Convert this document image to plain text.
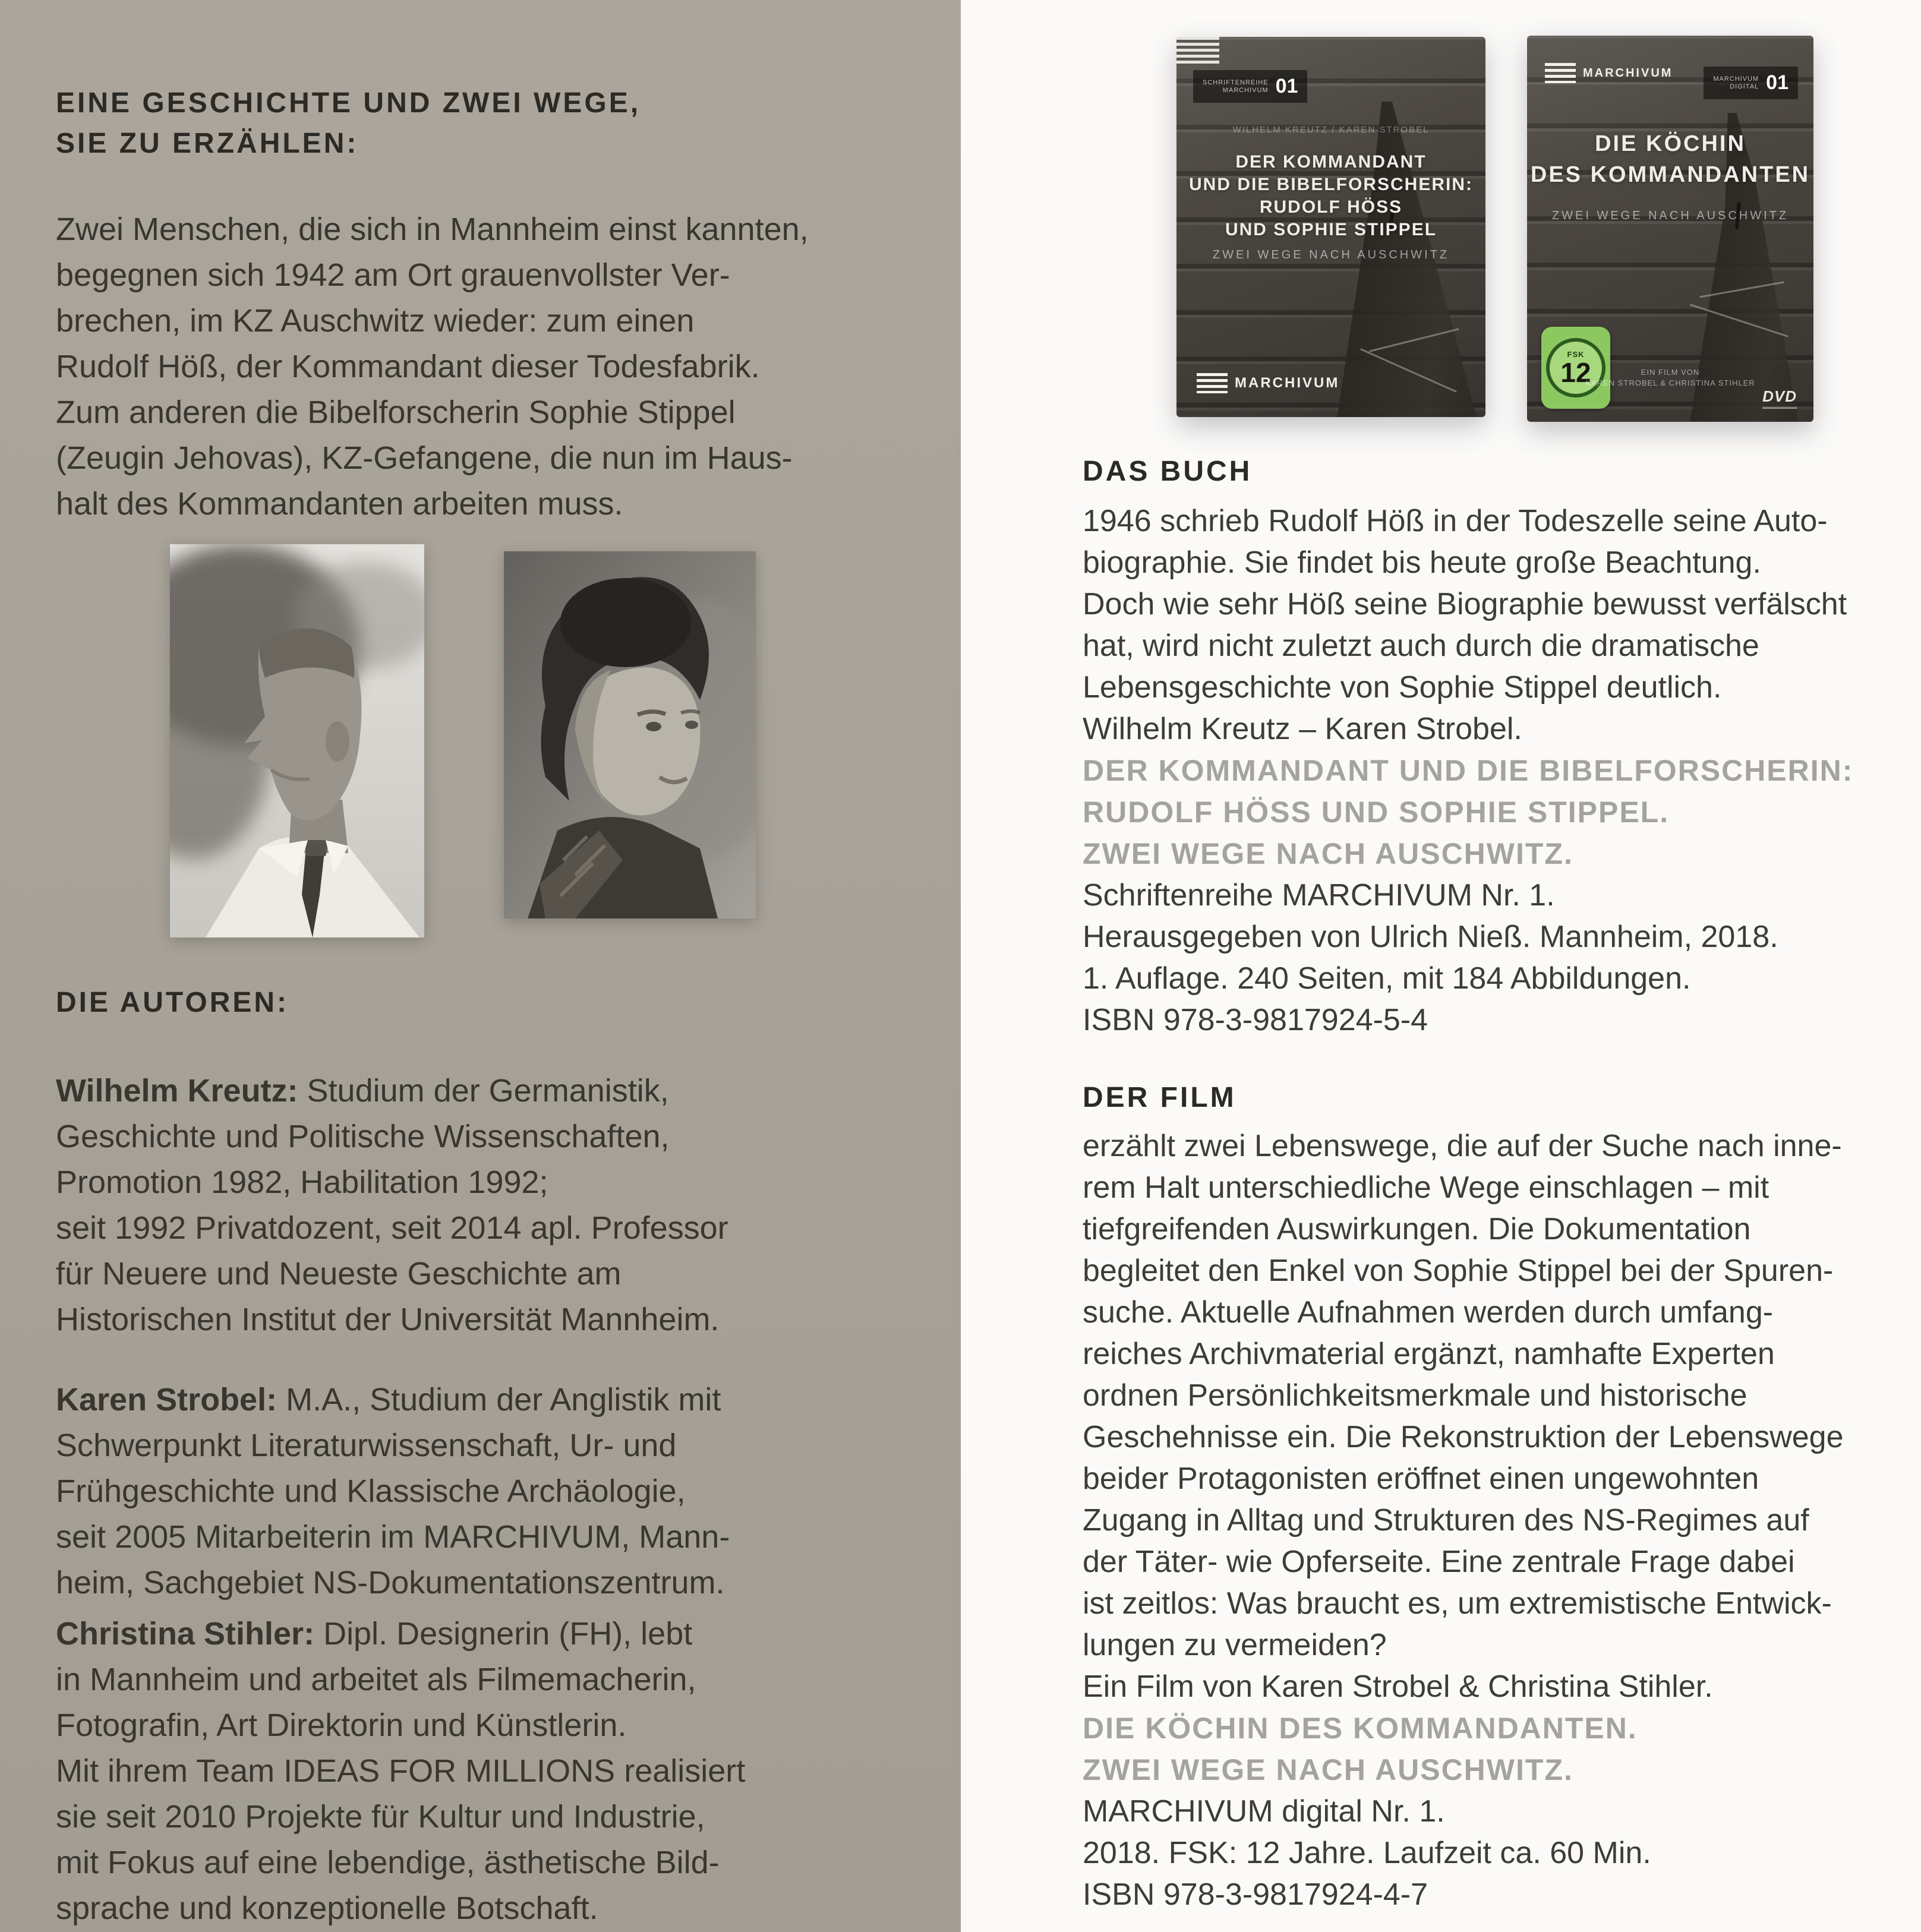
EINE GESCHICHTE UND ZWEI WEGE,
SIE ZU ERZÄHLEN:
Zwei Menschen, die sich in Mannheim einst kannten,
begegnen sich 1942 am Ort grauenvollster Ver-
brechen, im KZ Auschwitz wieder: zum einen
Rudolf Höß, der Kommandant dieser Todesfabrik.
Zum anderen die Bibelforscherin Sophie Stippel
(Zeugin Jehovas), KZ-Gefangene, die nun im Haus-
halt des Kommandanten arbeiten muss.
DIE AUTOREN:
Wilhelm Kreutz: Studium der Germanistik,
Geschichte und Politische Wissenschaften,
Promotion 1982, Habilitation 1992;
seit 1992 Privatdozent, seit 2014 apl. Professor
für Neuere und Neueste Geschichte am
Historischen Institut der Universität Mannheim.
Karen Strobel: M.A., Studium der Anglistik mit
Schwerpunkt Literaturwissenschaft, Ur- und
Frühgeschichte und Klassische Archäologie,
seit 2005 Mitarbeiterin im MARCHIVUM, Mann-
heim, Sachgebiet NS-Dokumentationszentrum.
Christina Stihler: Dipl. Designerin (FH), lebt
in Mannheim und arbeitet als Filmemacherin,
Fotografin, Art Direktorin und Künstlerin.
Mit ihrem Team IDEAS FOR MILLIONS realisiert
sie seit 2010 Projekte für Kultur und Industrie,
mit Fokus auf eine lebendige, ästhetische Bild-
sprache und konzeptionelle Botschaft.
SCHRIFTENREIHE
MARCHIVUM 01
WILHELM KREUTZ / KAREN STROBEL
DER KOMMANDANT
UND DIE BIBELFORSCHERIN:
RUDOLF HÖSS
UND SOPHIE STIPPEL
ZWEI WEGE NACH AUSCHWITZ
MARCHIVUM
MARCHIVUM	MARCHIVUM
DIGITAL 01
DIE KÖCHIN
DES KOMMANDANTEN
ZWEI WEGE NACH AUSCHWITZ
FSK
12	EIN FILM VON
KAREN STROBEL & CHRISTINA STIHLER
DVD
DAS BUCH
1946 schrieb Rudolf Höß in der Todeszelle seine Auto-
biographie. Sie findet bis heute große Beachtung.
Doch wie sehr Höß seine Biographie bewusst verfälscht
hat, wird nicht zuletzt auch durch die dramatische
Lebensgeschichte von Sophie Stippel deutlich.
Wilhelm Kreutz – Karen Strobel.
DER KOMMANDANT UND DIE BIBELFORSCHERIN:
RUDOLF HÖSS UND SOPHIE STIPPEL.
ZWEI WEGE NACH AUSCHWITZ.
Schriftenreihe MARCHIVUM Nr. 1.
Herausgegeben von Ulrich Nieß. Mannheim, 2018.
1. Auflage. 240 Seiten, mit 184 Abbildungen.
ISBN 978-3-9817924-5-4
DER FILM
erzählt zwei Lebenswege, die auf der Suche nach inne-
rem Halt unterschiedliche Wege einschlagen – mit
tiefgreifenden Auswirkungen. Die Dokumentation
begleitet den Enkel von Sophie Stippel bei der Spuren-
suche. Aktuelle Aufnahmen werden durch umfang-
reiches Archivmaterial ergänzt, namhafte Experten
ordnen Persönlichkeitsmerkmale und historische
Geschehnisse ein. Die Rekonstruktion der Lebenswege
beider Protagonisten eröffnet einen ungewohnten
Zugang in Alltag und Strukturen des NS-Regimes auf
der Täter- wie Opferseite. Eine zentrale Frage dabei
ist zeitlos: Was braucht es, um extremistische Entwick-
lungen zu vermeiden?
Ein Film von Karen Strobel & Christina Stihler.
DIE KÖCHIN DES KOMMANDANTEN.
ZWEI WEGE NACH AUSCHWITZ.
MARCHIVUM digital Nr. 1.
2018. FSK: 12 Jahre. Laufzeit ca. 60 Min.
ISBN 978-3-9817924-4-7
